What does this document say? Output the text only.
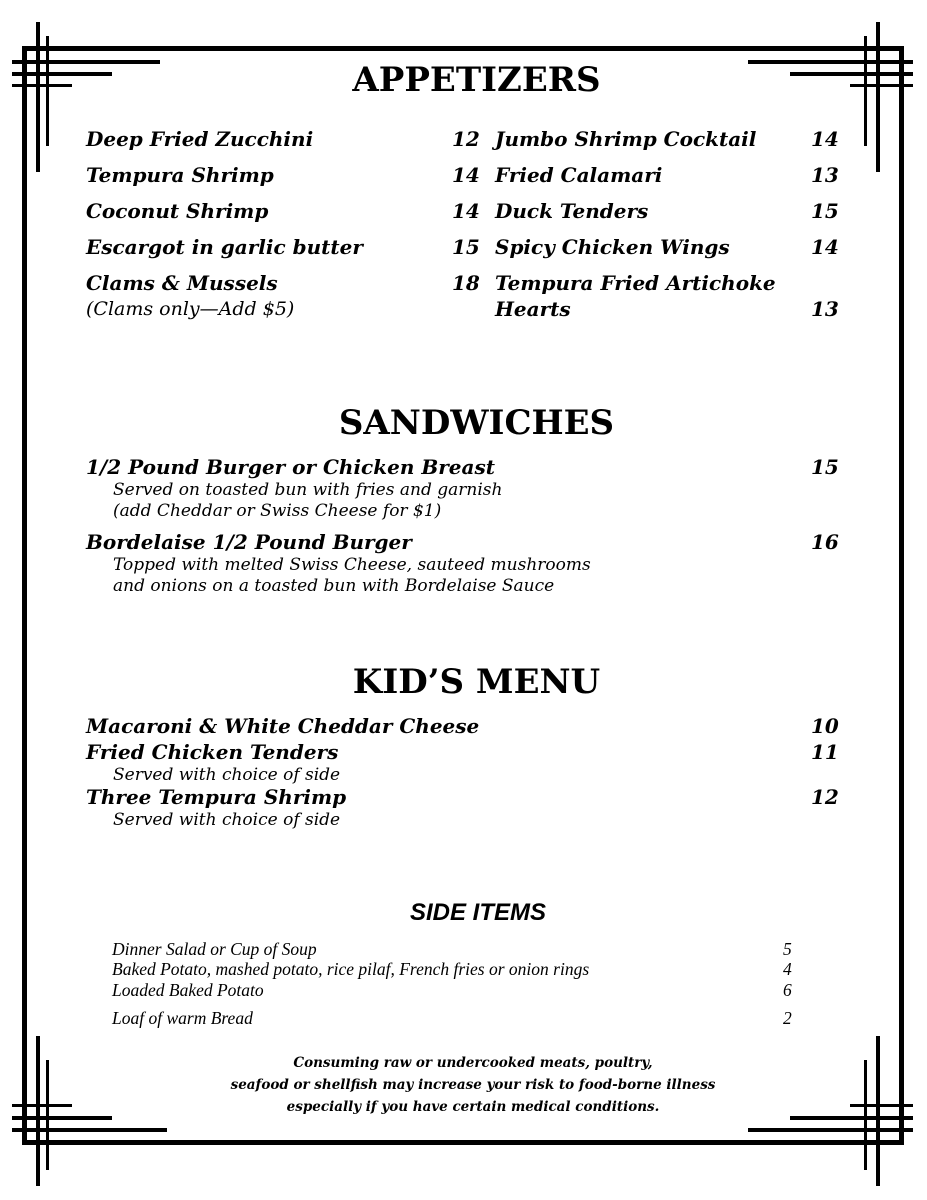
APPETIZERS
Deep Fried Zucchini	12
Tempura Shrimp	14
Coconut Shrimp	14
Escargot in garlic butter	15
Clams & Mussels	18
(Clams only—Add $5)
Jumbo Shrimp Cocktail	14
Fried Calamari	13
Duck Tenders	15
Spicy Chicken Wings	14
Tempura Fried Artichoke
Hearts	13
SANDWICHES
1/2 Pound Burger or Chicken Breast	15
Served on toasted bun with fries and garnish
(add Cheddar or Swiss Cheese for $1)
Bordelaise 1/2 Pound Burger	16
Topped with melted Swiss Cheese, sauteed mushrooms
and onions on a toasted bun with Bordelaise Sauce
KID’S MENU
Macaroni & White Cheddar Cheese	10
Fried Chicken Tenders	11
Served with choice of side
Three Tempura Shrimp	12
Served with choice of side
SIDE ITEMS
Dinner Salad or Cup of Soup	5
Baked Potato, mashed potato, rice pilaf, French fries or onion rings	4
Loaded Baked Potato	6
Loaf of warm Bread	2
Consuming raw or undercooked meats, poultry,
seafood or shellfish may increase your risk to food-borne illness
especially if you have certain medical conditions.
